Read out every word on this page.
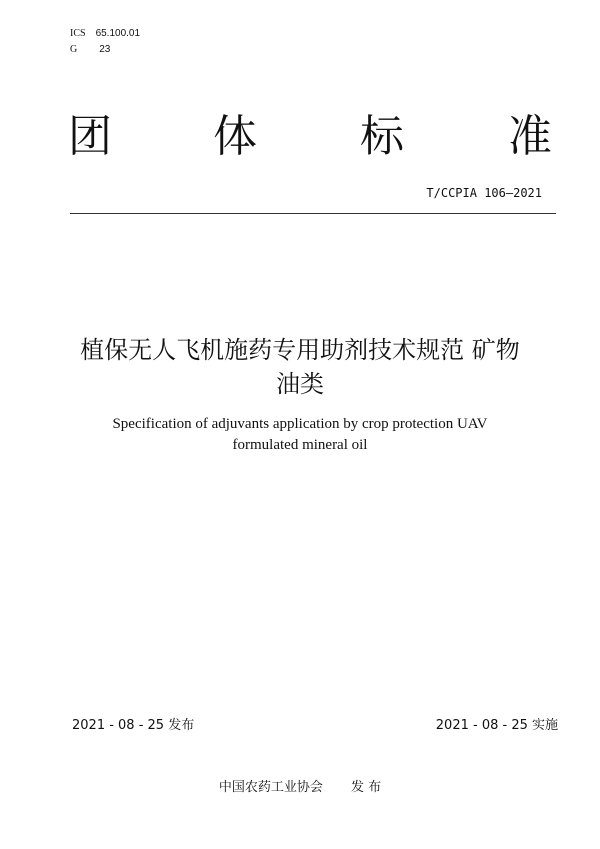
ICS 65.100.01
G 23
团 体 标 准
T/CCPIA 106—2021
植保无人飞机施药专用助剂技术规范 矿物
油类
Specification of adjuvants application by crop protection UAV
formulated mineral oil
2021 - 08 - 25 发布	2021 - 08 - 25 实施
中国农药工业协会 发 布
